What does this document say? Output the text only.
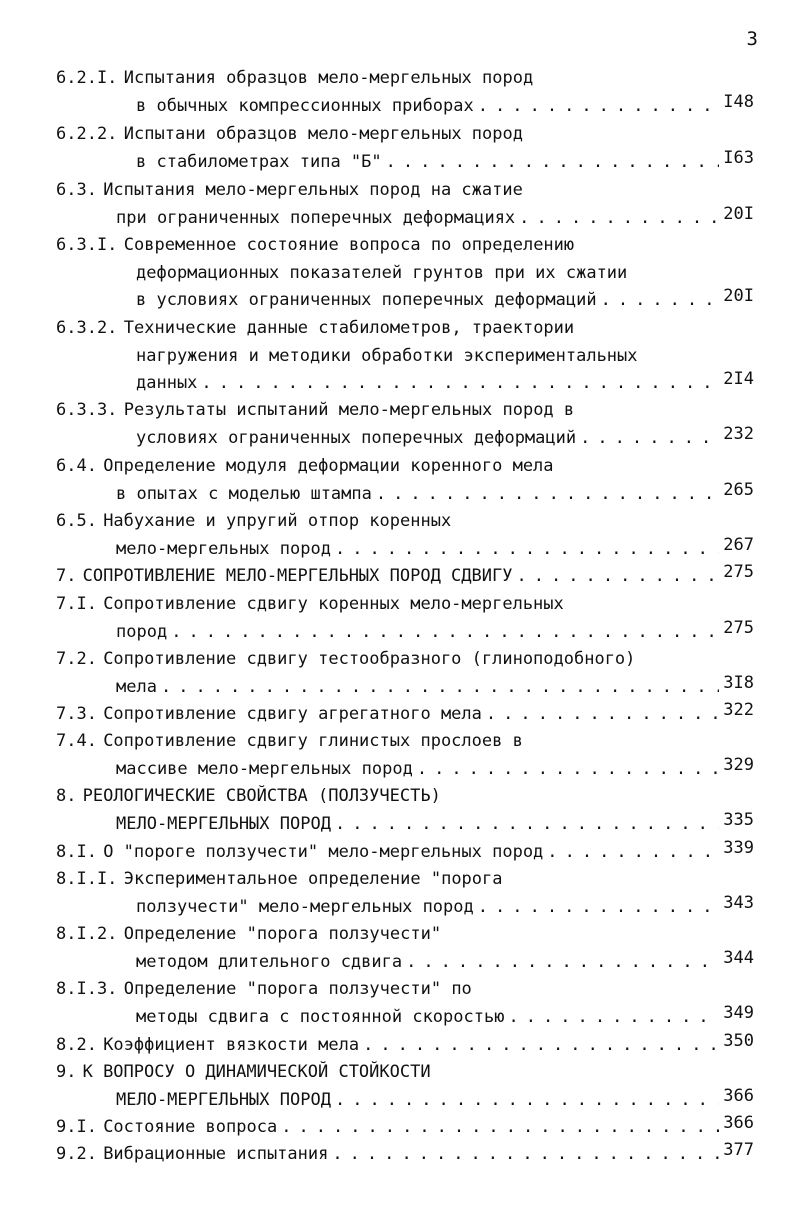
3
6.2.I. Испытания образцов мело-мергельных пород
в обычных компрессионных приборах . . .	I48
6.2.2. Испытани образцов мело-мергельных пород
в стабилометрах типа "Б" . . .	I63
6.3. Испытания мело-мергельных пород на сжатие
при ограниченных поперечных деформациях . . .	20I
6.3.I. Современное состояние вопроса по определению
деформационных показателей грунтов при их сжатии
в условиях ограниченных поперечных деформаций . . .	20I
6.3.2. Технические данные стабилометров, траектории
нагружения и методики обработки экспериментальных
данных . . .	2I4
6.3.3. Результаты испытаний мело-мергельных пород в
условиях ограниченных поперечных деформаций . . .	232
6.4. Определение модуля деформации коренного мела
в опытах с моделью штампа . . .	265
6.5. Набухание и упругий отпор коренных
мело-мергельных пород . . .	267
7. СОПРОТИВЛЕНИЕ МЕЛО-МЕРГЕЛЬНЫХ ПОРОД СДВИГУ . . .	275
7.I. Сопротивление сдвигу коренных мело-мергельных
пород . . .	275
7.2. Сопротивление сдвигу тестообразного (глиноподобного)
мела . . .	3I8
7.3. Сопротивление сдвигу агрегатного мела . . .	322
7.4. Сопротивление сдвигу глинистых прослоев в
массиве мело-мергельных пород . . .	329
8. РЕОЛОГИЧЕСКИЕ СВОЙСТВА (ПОЛЗУЧЕСТЬ)
МЕЛО-МЕРГЕЛЬНЫХ ПОРОД . . .	335
8.I. О "пороге ползучести" мело-мергельных пород . . .	339
8.I.I. Экспериментальное определение "порога
ползучести" мело-мергельных пород . . .	343
8.I.2. Определение "порога ползучести"
методом длительного сдвига . . .	344
8.I.3. Определение "порога ползучести" по
методы сдвига с постоянной скоростью . . .	349
8.2. Коэффициент вязкости мела . . .	350
9. К ВОПРОСУ О ДИНАМИЧЕСКОЙ СТОЙКОСТИ
МЕЛО-МЕРГЕЛЬНЫХ ПОРОД . . .	366
9.I. Состояние вопроса . . .	366
9.2. Вибрационные испытания . . .	377
